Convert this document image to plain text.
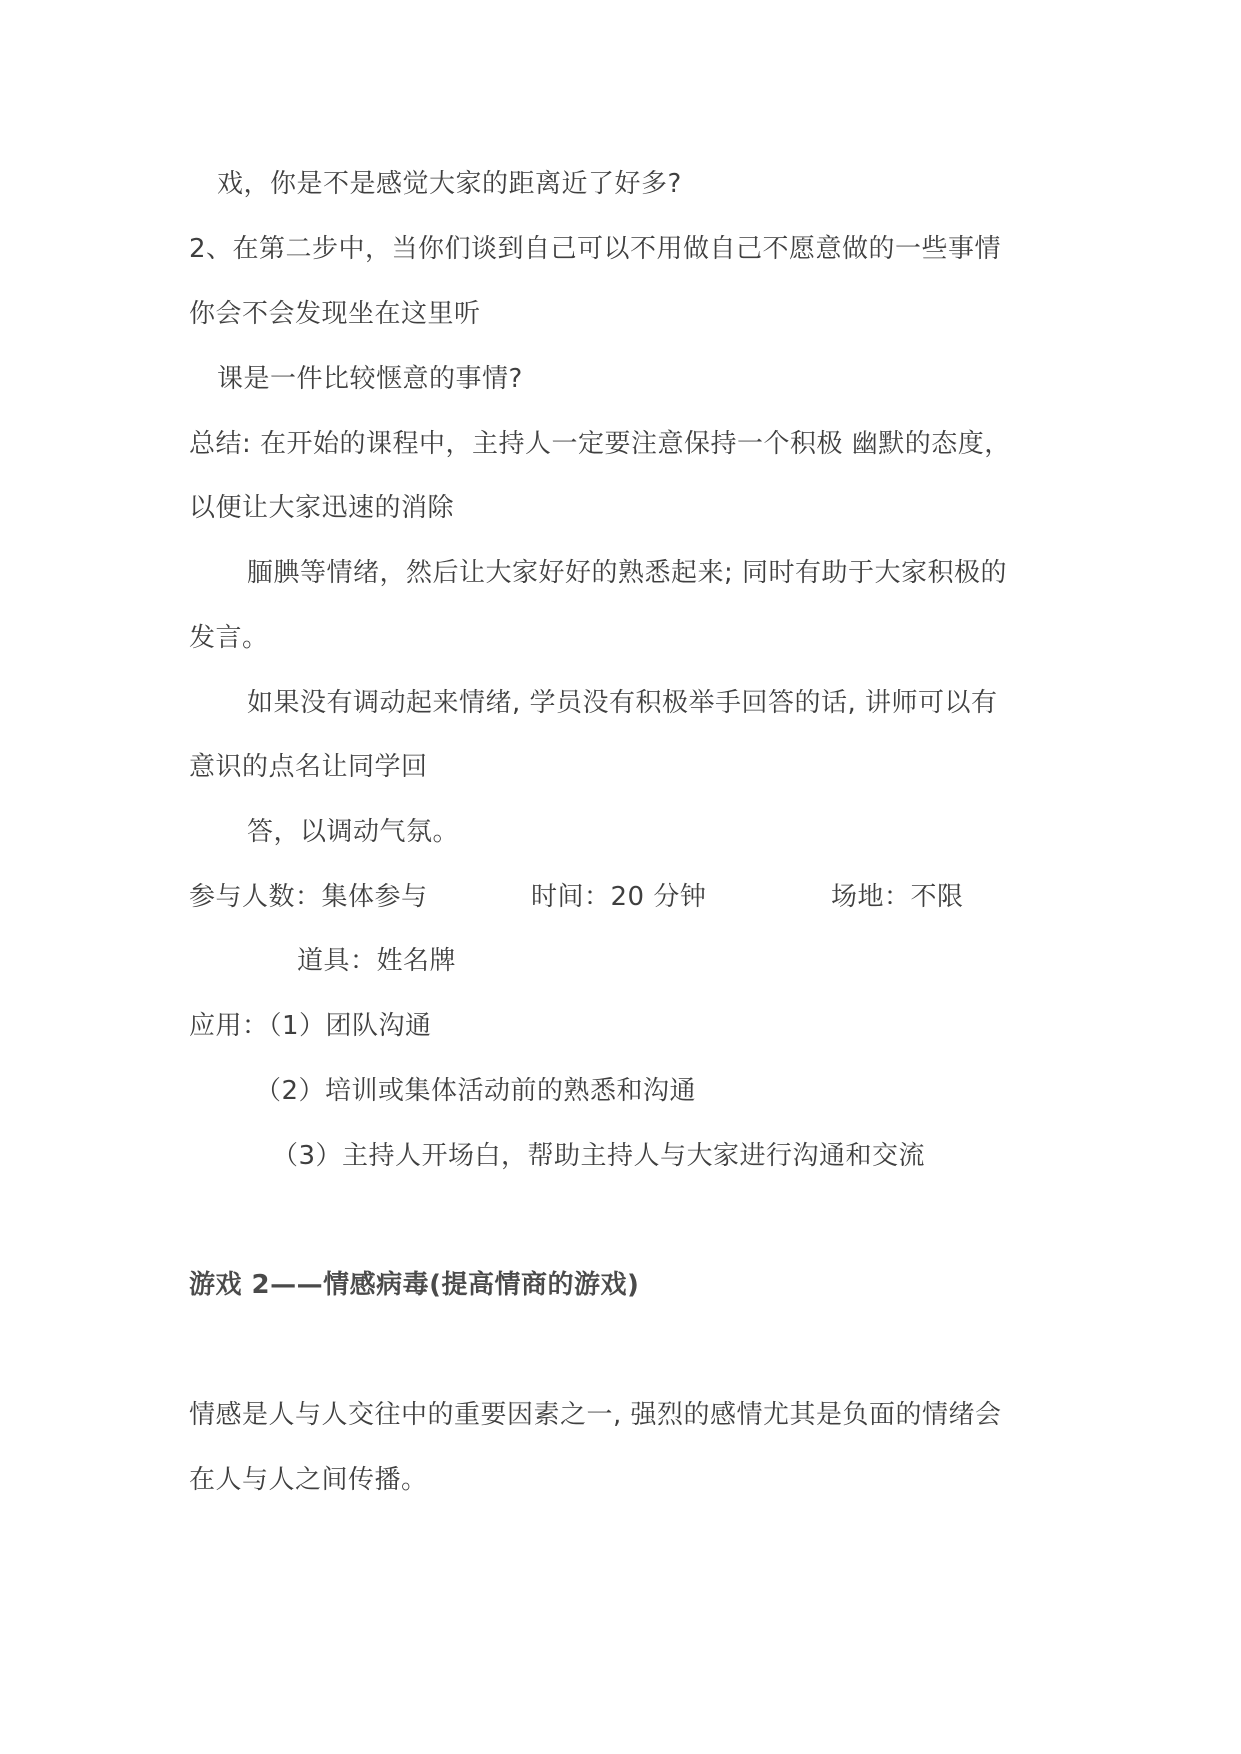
戏，你是不是感觉大家的距离近了好多?
2、在第二步中，当你们谈到自己可以不用做自己不愿意做的一些事情
你会不会发现坐在这里听
课是一件比较惬意的事情?
总结: 在开始的课程中，主持人一定要注意保持一个积极 幽默的态度，
以便让大家迅速的消除
腼腆等情绪，然后让大家好好的熟悉起来; 同时有助于大家积极的
发言。
如果没有调动起来情绪, 学员没有积极举手回答的话, 讲师可以有
意识的点名让同学回
答，以调动气氛。
参与人数：集体参与	时间：20 分钟	场地：不限
道具：姓名牌
应用：（1）团队沟通
（2）培训或集体活动前的熟悉和沟通
（3）主持人开场白，帮助主持人与大家进行沟通和交流
游戏 2——情感病毒(提高情商的游戏)
情感是人与人交往中的重要因素之一, 强烈的感情尤其是负面的情绪会
在人与人之间传播。
